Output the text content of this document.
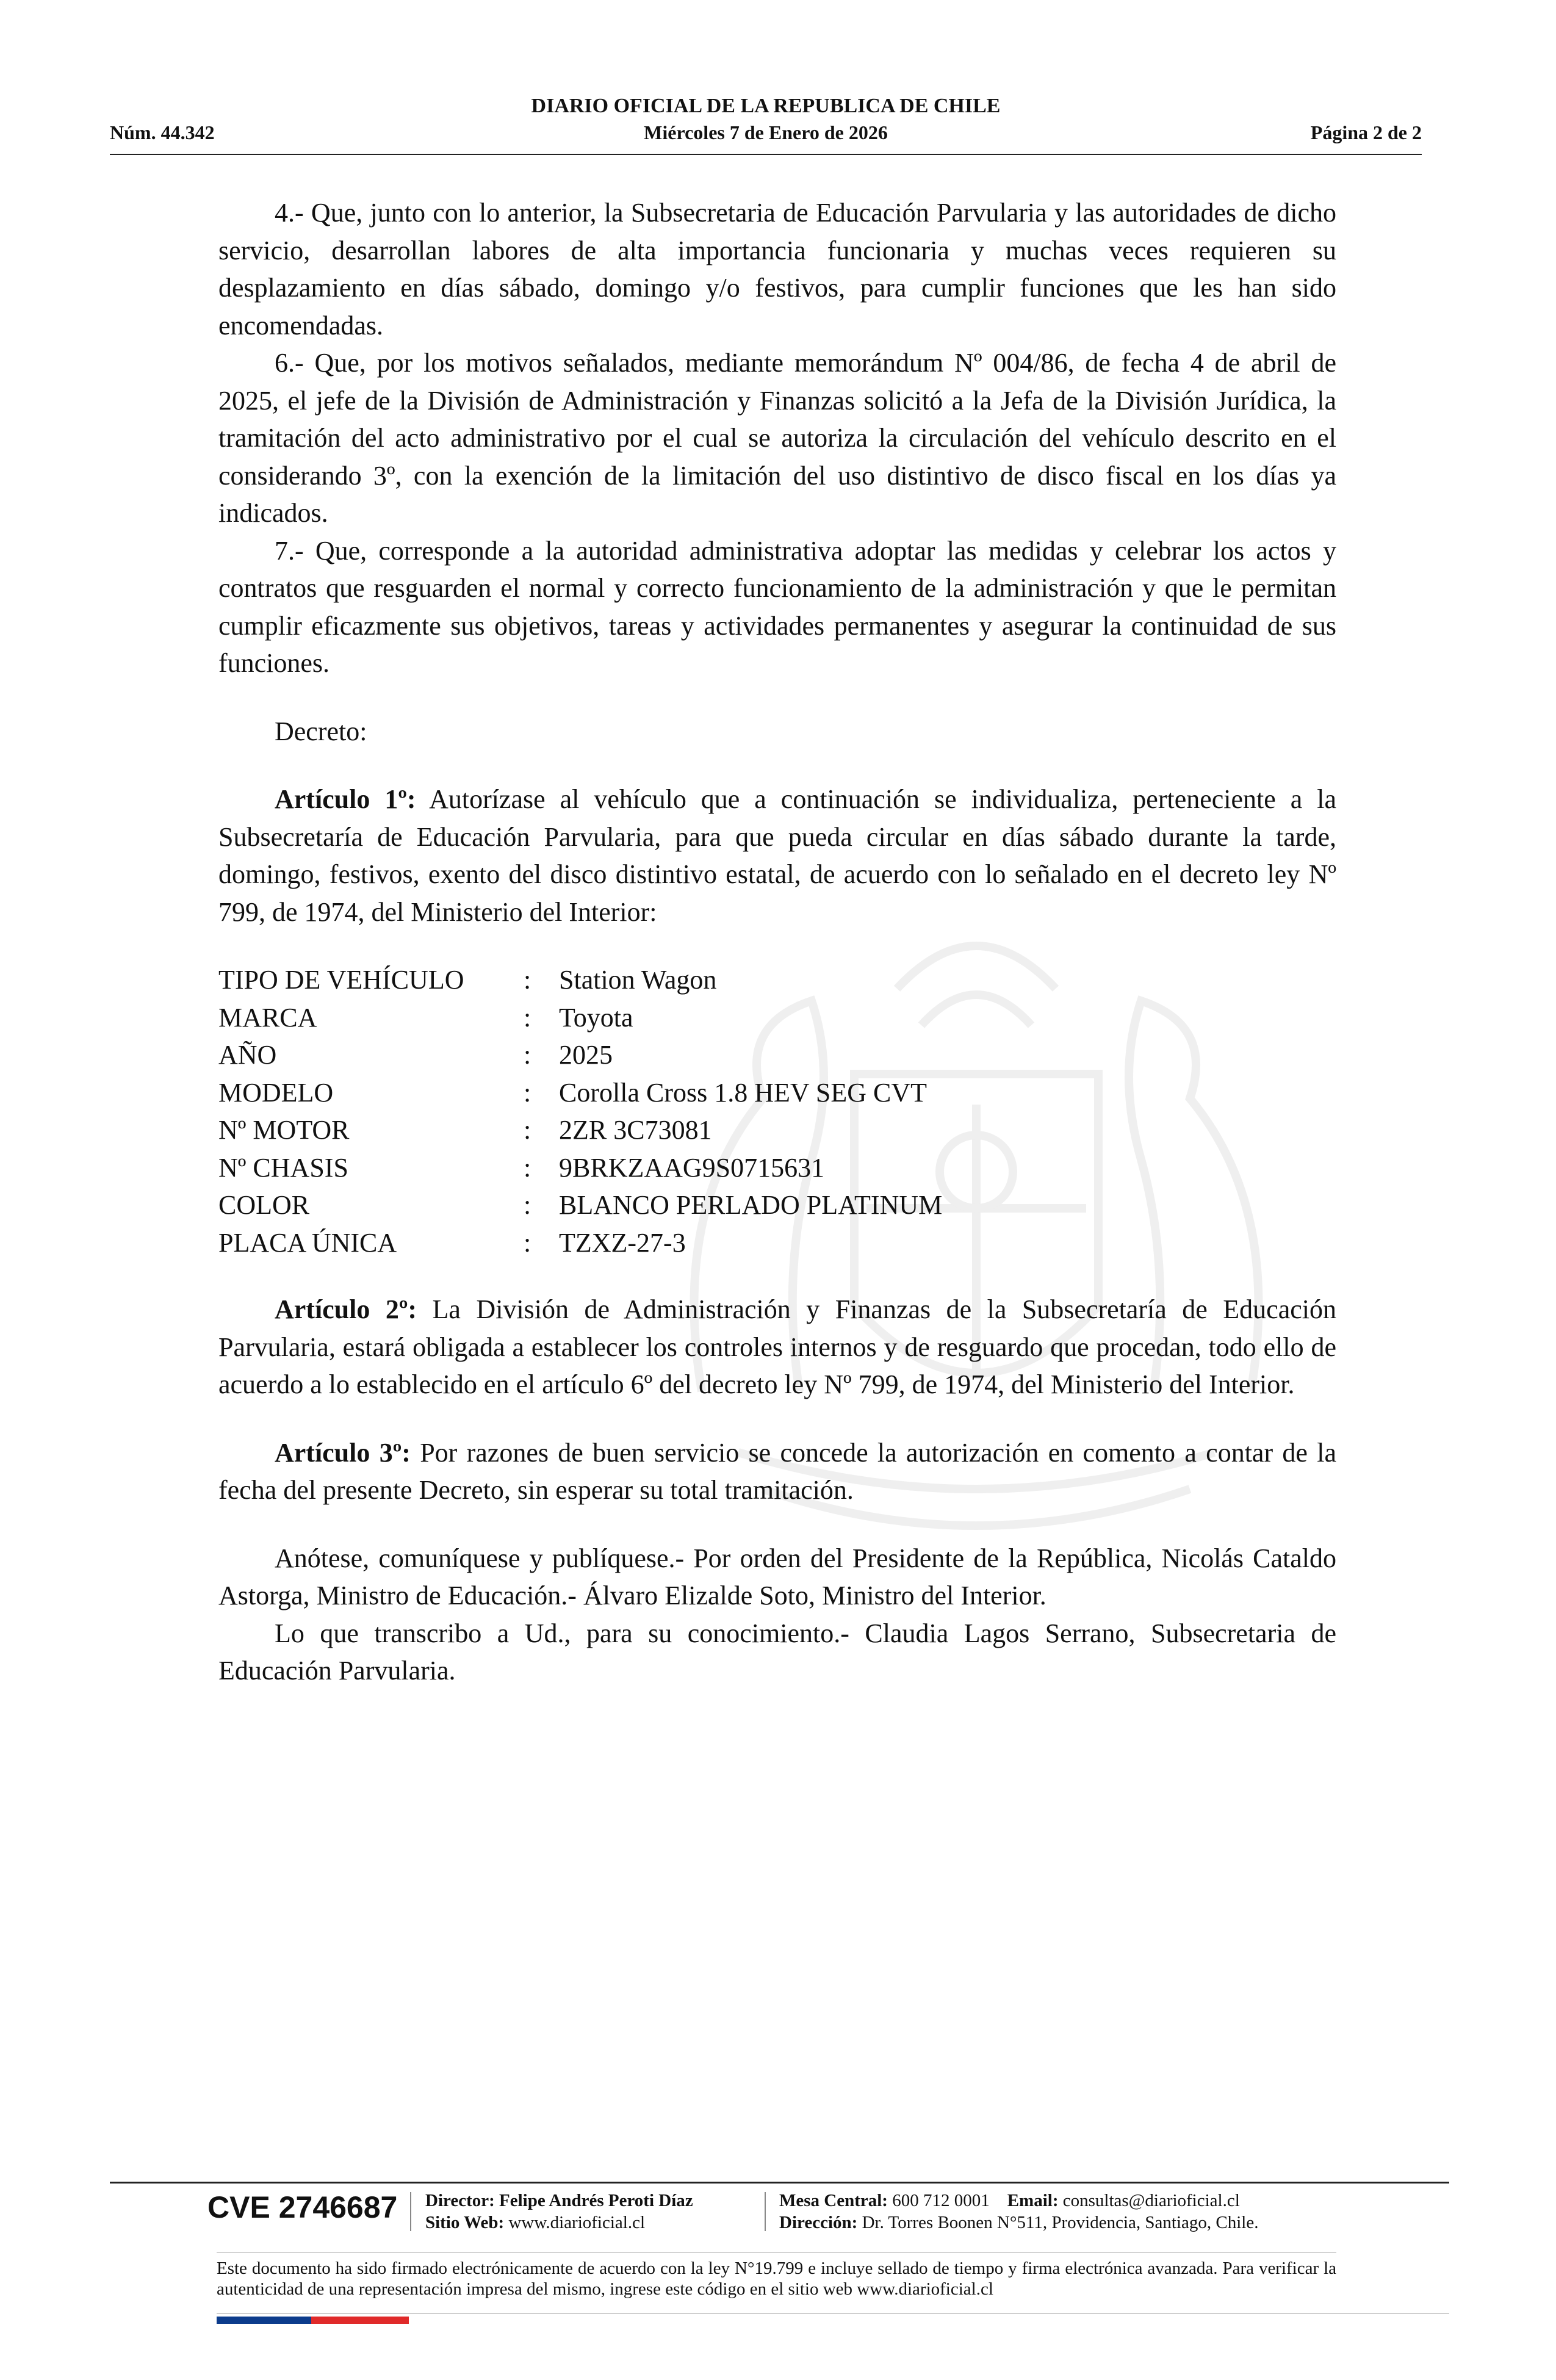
DIARIO OFICIAL DE LA REPUBLICA DE CHILE
Núm. 44.342	Miércoles 7 de Enero de 2026	Página 2 de 2

4.- Que, junto con lo anterior, la Subsecretaria de Educación Parvularia y las autoridades de dicho servicio, desarrollan labores de alta importancia funcionaria y muchas veces requieren su desplazamiento en días sábado, domingo y/o festivos, para cumplir funciones que les han sido encomendadas.

6.- Que, por los motivos señalados, mediante memorándum Nº 004/86, de fecha 4 de abril de 2025, el jefe de la División de Administración y Finanzas solicitó a la Jefa de la División Jurídica, la tramitación del acto administrativo por el cual se autoriza la circulación del vehículo descrito en el considerando 3º, con la exención de la limitación del uso distintivo de disco fiscal en los días ya indicados.

7.- Que, corresponde a la autoridad administrativa adoptar las medidas y celebrar los actos y contratos que resguarden el normal y correcto funcionamiento de la administración y que le permitan cumplir eficazmente sus objetivos, tareas y actividades permanentes y asegurar la continuidad de sus funciones.

Decreto:

Artículo 1º: Autorízase al vehículo que a continuación se individualiza, perteneciente a la Subsecretaría de Educación Parvularia, para que pueda circular en días sábado durante la tarde, domingo, festivos, exento del disco distintivo estatal, de acuerdo con lo señalado en el decreto ley Nº 799, de 1974, del Ministerio del Interior:

TIPO DE VEHÍCULO	:	Station Wagon
MARCA	:	Toyota
AÑO	:	2025
MODELO	:	Corolla Cross 1.8 HEV SEG CVT
Nº MOTOR	:	2ZR 3C73081
Nº CHASIS	:	9BRKZAAG9S0715631
COLOR	:	BLANCO PERLADO PLATINUM
PLACA ÚNICA	:	TZXZ-27-3

Artículo 2º: La División de Administración y Finanzas de la Subsecretaría de Educación Parvularia, estará obligada a establecer los controles internos y de resguardo que procedan, todo ello de acuerdo a lo establecido en el artículo 6º del decreto ley Nº 799, de 1974, del Ministerio del Interior.

Artículo 3º: Por razones de buen servicio se concede la autorización en comento a contar de la fecha del presente Decreto, sin esperar su total tramitación.

Anótese, comuníquese y publíquese.- Por orden del Presidente de la República, Nicolás Cataldo Astorga, Ministro de Educación.- Álvaro Elizalde Soto, Ministro del Interior.

Lo que transcribo a Ud., para su conocimiento.- Claudia Lagos Serrano, Subsecretaria de Educación Parvularia.

CVE 2746687 Director: Felipe Andrés Peroti Díaz
Sitio Web: www.diarioficial.cl
Mesa Central: 600 712 0001 Email: consultas@diarioficial.cl
Dirección: Dr. Torres Boonen N°511, Providencia, Santiago, Chile.
Este documento ha sido firmado electrónicamente de acuerdo con la ley N°19.799 e incluye sellado de tiempo y firma electrónica avanzada. Para verificar la autenticidad de una representación impresa del mismo, ingrese este código en el sitio web www.diarioficial.cl
